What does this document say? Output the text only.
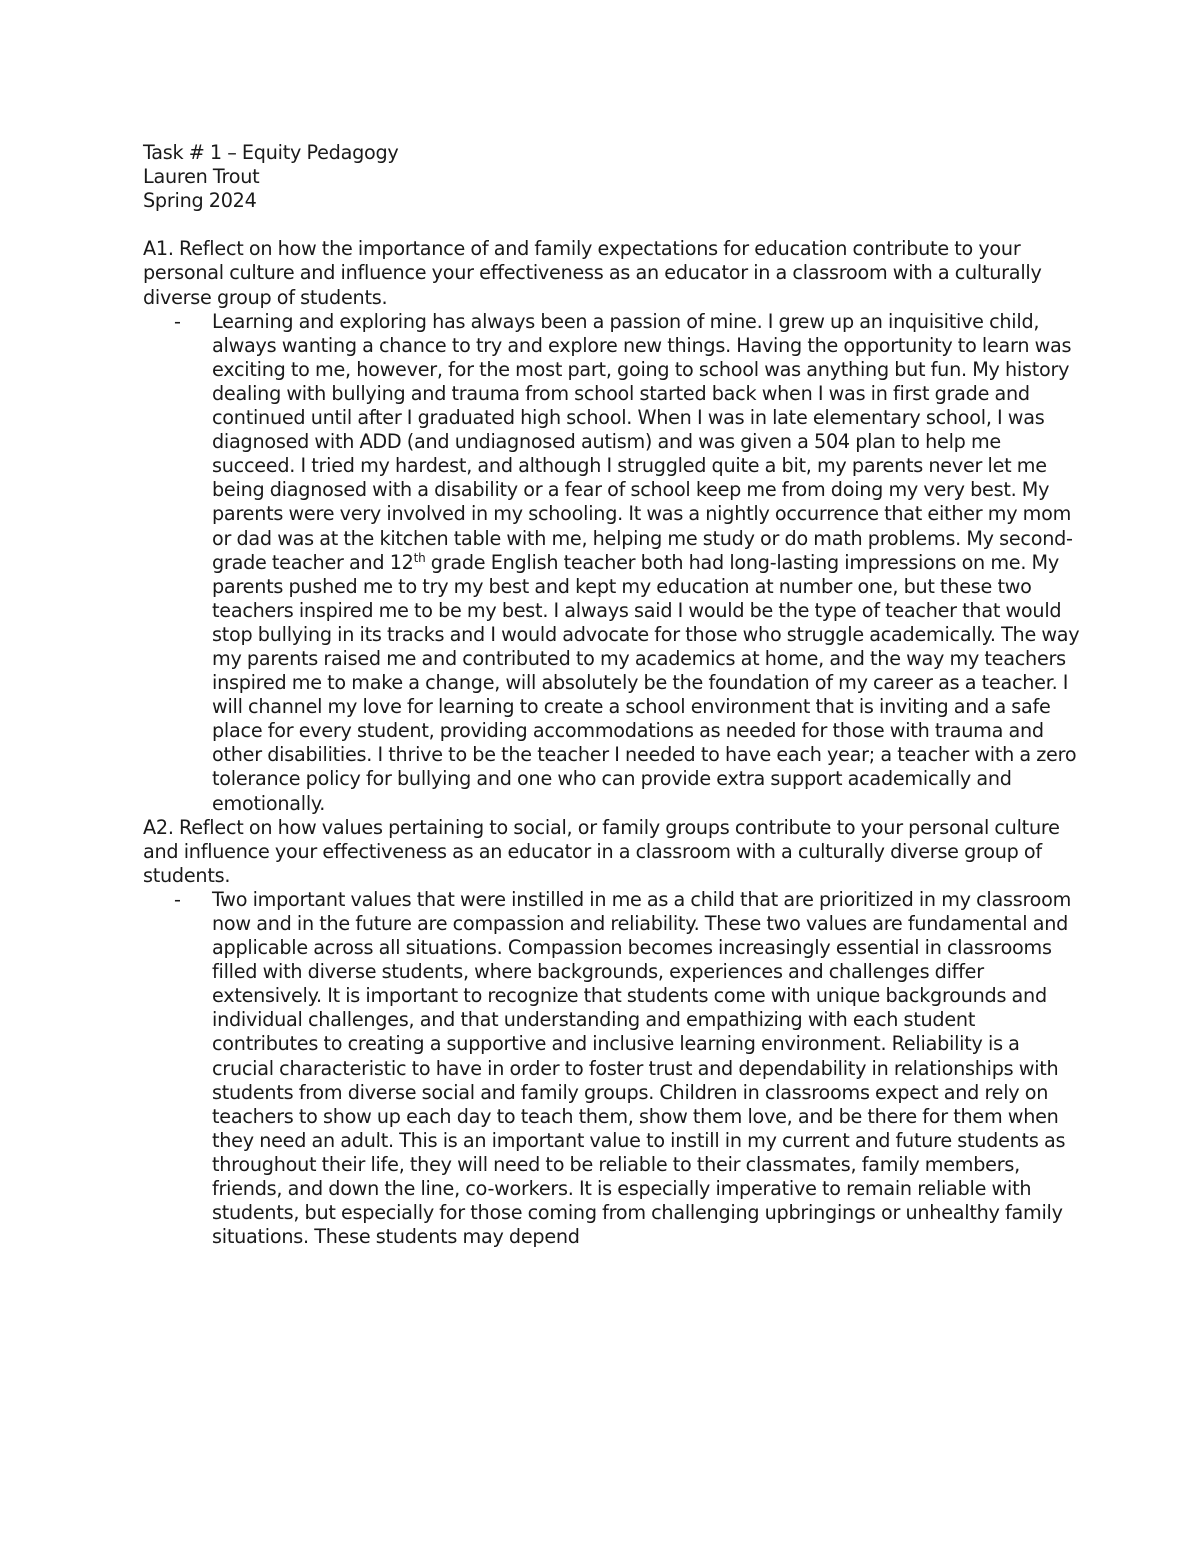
Task # 1 – Equity Pedagogy

Lauren Trout

Spring 2024

A1. Reflect on how the importance of and family expectations for education contribute to your personal culture and influence your effectiveness as an educator in a classroom with a culturally diverse group of students.

- Learning and exploring has always been a passion of mine. I grew up an inquisitive child, always wanting a chance to try and explore new things. Having the opportunity to learn was exciting to me, however, for the most part, going to school was anything but fun. My history dealing with bullying and trauma from school started back when I was in first grade and continued until after I graduated high school. When I was in late elementary school, I was diagnosed with ADD (and undiagnosed autism) and was given a 504 plan to help me succeed. I tried my hardest, and although I struggled quite a bit, my parents never let me being diagnosed with a disability or a fear of school keep me from doing my very best. My parents were very involved in my schooling. It was a nightly occurrence that either my mom or dad was at the kitchen table with me, helping me study or do math problems. My second- grade teacher and 12th grade English teacher both had long-lasting impressions on me. My parents pushed me to try my best and kept my education at number one, but these two teachers inspired me to be my best. I always said I would be the type of teacher that would stop bullying in its tracks and I would advocate for those who struggle academically. The way my parents raised me and contributed to my academics at home, and the way my teachers inspired me to make a change, will absolutely be the foundation of my career as a teacher. I will channel my love for learning to create a school environment that is inviting and a safe place for every student, providing accommodations as needed for those with trauma and other disabilities. I thrive to be the teacher I needed to have each year; a teacher with a zero tolerance policy for bullying and one who can provide extra support academically and emotionally.

A2. Reflect on how values pertaining to social, or family groups contribute to your personal culture and influence your effectiveness as an educator in a classroom with a culturally diverse group of students.

- Two important values that were instilled in me as a child that are prioritized in my classroom now and in the future are compassion and reliability. These two values are fundamental and applicable across all situations. Compassion becomes increasingly essential in classrooms filled with diverse students, where backgrounds, experiences and challenges differ extensively. It is important to recognize that students come with unique backgrounds and individual challenges, and that understanding and empathizing with each student contributes to creating a supportive and inclusive learning environment. Reliability is a crucial characteristic to have in order to foster trust and dependability in relationships with students from diverse social and family groups. Children in classrooms expect and rely on teachers to show up each day to teach them, show them love, and be there for them when they need an adult. This is an important value to instill in my current and future students as throughout their life, they will need to be reliable to their classmates, family members, friends, and down the line, co-workers. It is especially imperative to remain reliable with students, but especially for those coming from challenging upbringings or unhealthy family situations. These students may depend
